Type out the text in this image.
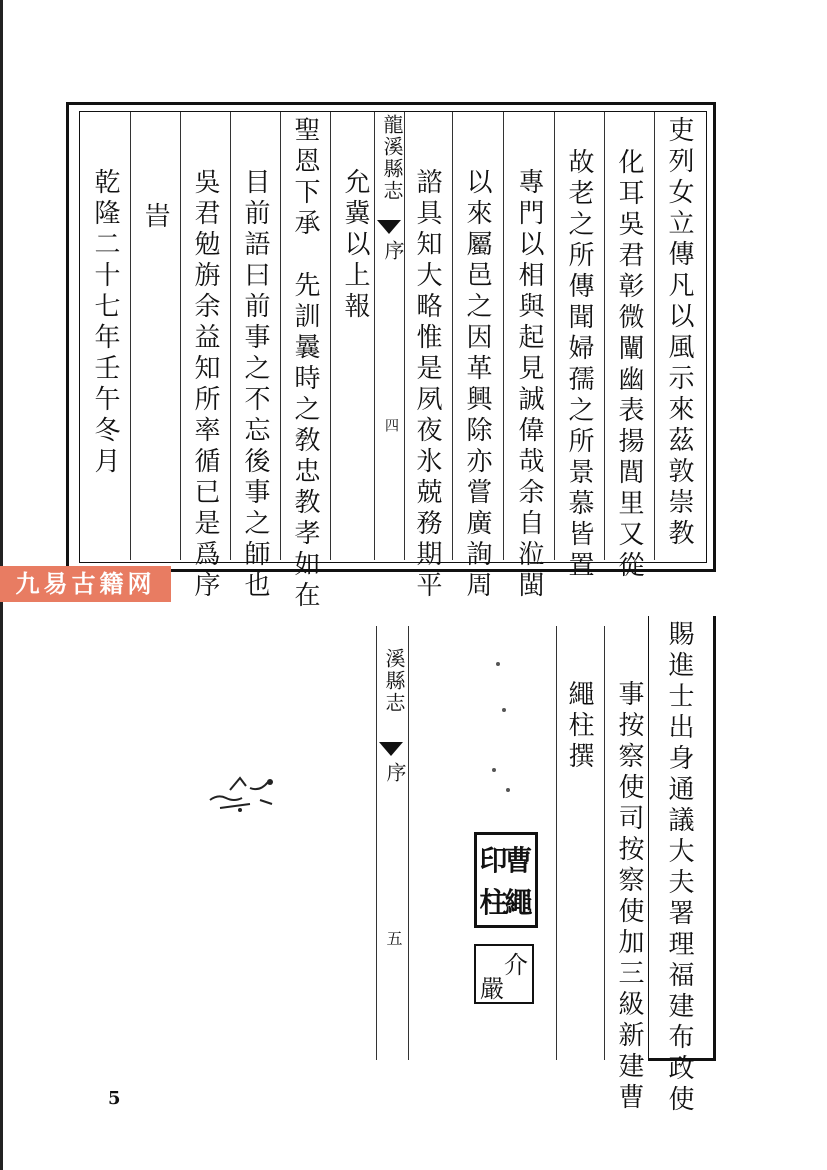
吏列女立傳凡以風示來茲敦崇教
化耳吳君彰微闡幽表揚閭里又從
故老之所傳聞婦孺之所景慕皆置
專門以相與起見誠偉哉余自涖閩
以來屬邑之因革興除亦嘗廣詢周
諮具知大略惟是夙夜氷兢務期平
龍溪縣志
序
四
允冀以上報
聖恩下承　先訓曩時之敎忠教孝如在
目前語曰前事之不忘後事之師也
吳君勉旃余益知所率循已是爲序
旹
乾隆二十七年壬午冬月
九易古籍网
賜進士出身通議大夫署理福建布政使
事按察使司按察使加三級新建曹
繩柱撰
溪縣志
序
五
曹
印
繩
柱
介
嚴
5
